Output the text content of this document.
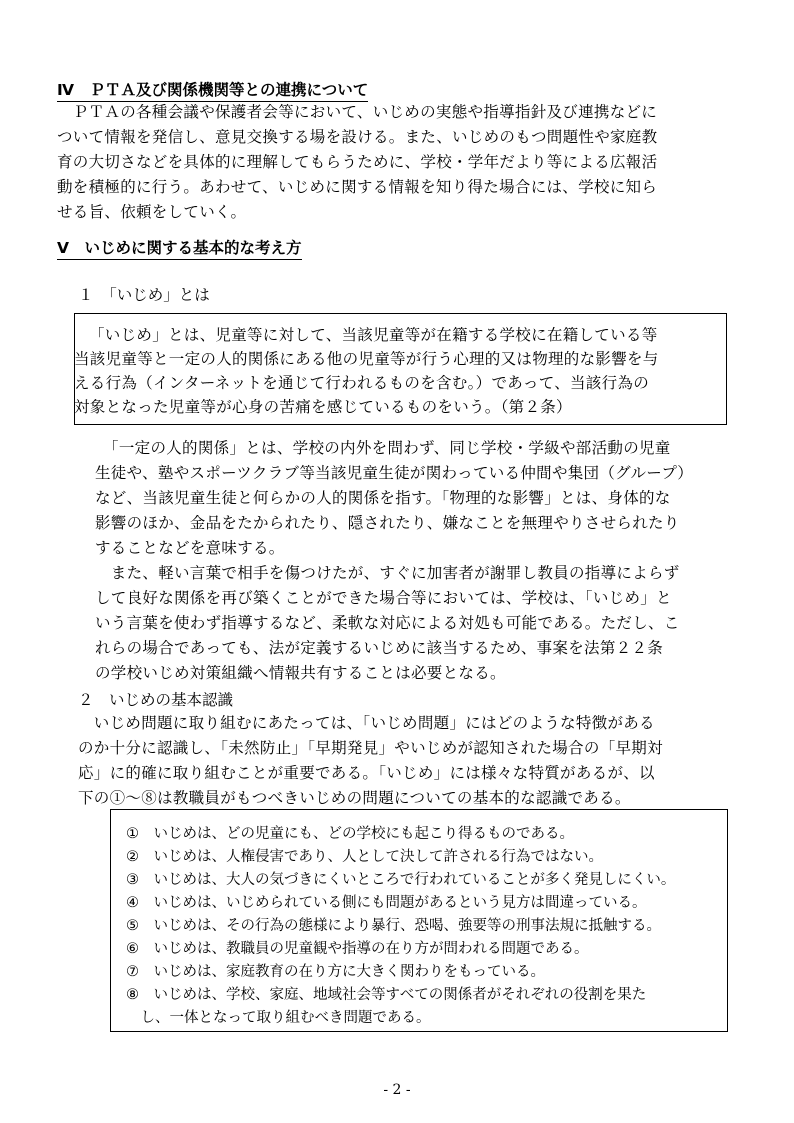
Ⅳ　ＰＴＡ及び関係機関等との連携について
　ＰＴＡの各種会議や保護者会等において、いじめの実態や指導指針及び連携などに
ついて情報を発信し、意見交換する場を設ける。また、いじめのもつ問題性や家庭教
育の大切さなどを具体的に理解してもらうために、学校・学年だより等による広報活
動を積極的に行う。あわせて、いじめに関する情報を知り得た場合には、学校に知ら
せる旨、依頼をしていく。
Ⅴ　いじめに関する基本的な考え方
１　「いじめ」とは
「いじめ」とは、児童等に対して、当該児童等が在籍する学校に在籍している等
当該児童等と一定の人的関係にある他の児童等が行う心理的又は物理的な影響を与
える行為（インターネットを通じて行われるものを含む。）であって、当該行為の
対象となった児童等が心身の苦痛を感じているものをいう。（第２条）
　「一定の人的関係」とは、学校の内外を問わず、同じ学校・学級や部活動の児童
生徒や、塾やスポーツクラブ等当該児童生徒が関わっている仲間や集団（グループ）
など、当該児童生徒と何らかの人的関係を指す。「物理的な影響」とは、身体的な
影響のほか、金品をたかられたり、隠されたり、嫌なことを無理やりさせられたり
することなどを意味する。
　また、軽い言葉で相手を傷つけたが、すぐに加害者が謝罪し教員の指導によらず
して良好な関係を再び築くことができた場合等においては、学校は、「いじめ」と
いう言葉を使わず指導するなど、柔軟な対応による対処も可能である。ただし、こ
れらの場合であっても、法が定義するいじめに該当するため、事案を法第２２条
の学校いじめ対策組織へ情報共有することは必要となる。
２　いじめの基本認識
　いじめ問題に取り組むにあたっては、「いじめ問題」にはどのような特徴がある
のか十分に認識し、「未然防止」「早期発見」やいじめが認知された場合の「早期対
応」に的確に取り組むことが重要である。「いじめ」には様々な特質があるが、以
下の①～⑧は教職員がもつべきいじめの問題についての基本的な認識である。
①　いじめは、どの児童にも、どの学校にも起こり得るものである。
②　いじめは、人権侵害であり、人として決して許される行為ではない。
③　いじめは、大人の気づきにくいところで行われていることが多く発見しにくい。
④　いじめは、いじめられている側にも問題があるという見方は間違っている。
⑤　いじめは、その行為の態様により暴行、恐喝、強要等の刑事法規に抵触する。
⑥　いじめは、教職員の児童観や指導の在り方が問われる問題である。
⑦　いじめは、家庭教育の在り方に大きく関わりをもっている。
⑧　いじめは、学校、家庭、地域社会等すべての関係者がそれぞれの役割を果た
　し、一体となって取り組むべき問題である。
- 2 -
